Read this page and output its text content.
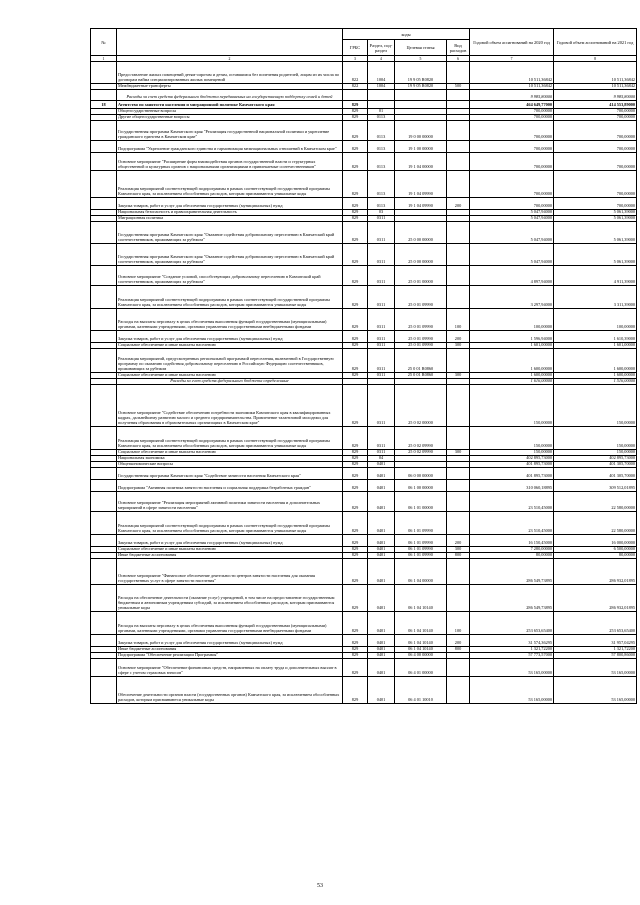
№		коды				Годовой объем ассигнований на 2020 год	Годовой объем ассигнований на 2021 год
		ГРБС	Раздел, под-раздел	Целевая статья	Вид расходов		
1	2	3	4	5	6	7	8
	Предоставление жилых помещений детям-сиротам и детям, оставшимся без попечения родителей, лицам из их числа по договорам найма специализированных жилых помещений	822	1004	19 9 05 R0820		10 511,36842	10 511,36842
	Межбюджетные трансферты	822	1004	19 9 05 R0820	500	10 511,36842	10 511,36842
	Расходы за счет средств федерального бюджета передаваемых на государственную поддержку семей и детей					9 985,80000	9 985,80000
18	Агентство по занятости населения и миграционной политике Камчатского края	829				464 649,77000	414 553,89000
	Общегосударственные вопросы	829	01			700,00000	700,00000
	Другие общегосударственные вопросы	829	0113			700,00000	700,00000
	Государственная программа Камчатского края "Реализация государственной национальной политики и укрепление гражданского единства в Камчатском крае"	829	0113	19 0 00 00000		700,00000	700,00000
	Подпрограмма "Укрепление гражданского единства и гармонизация межнациональных отношений в Камчатском крае"	829	0113	19 1 00 00000		700,00000	700,00000
	Основное мероприятие "Расширение форм взаимодействия органов государственной власти и структурных общественной и культурных органов с национальными организациями в привлекаемые соотечественников"	829	0113	19 1 04 00000		700,00000	700,00000
	Реализация мероприятий соответствующей подпрограммы в рамках соответствующей государственной программы Камчатского края, за исключением обособленных расходов, которым присваиваются уникальные коды	829	0113	19 1 04 09990		700,00000	700,00000
	Закупка товаров, работ и услуг для обеспечения государственных (муниципальных) нужд	829	0113	19 1 04 09990	200	700,00000	700,00000
	Национальная безопасность и правоохранительная деятельность	829	03			5 047,94000	5 061,39000
	Миграционная политика	829	0311			5 047,94000	5 061,39000
	Государственная программа Камчатского края "Оказание содействия добровольному переселению в Камчатский край соотечественников, проживающих за рубежом"	829	0311	25 0 00 00000		5 047,94000	5 061,39000
	Государственная программа Камчатского края "Оказание содействия добровольному переселению в Камчатский край соотечественников, проживающих за рубежом"	829	0311	25 0 00 00000		5 047,94000	5 061,39000
	Основное мероприятие "Создание условий, способствующих добровольному переселению в Камчатский край соотечественников, проживающих за рубежом"	829	0311	25 0 01 00000		4 897,94000	4 911,39000
	Реализация мероприятий соответствующей подпрограммы в рамках соответствующей государственной программы Камчатского края, за исключением обособленных расходов, которым присваиваются уникальные коды	829	0311	25 0 01 09990		3 297,94000	3 311,39000
	Расходы на выплаты персоналу в целях обеспечения выполнения функций государственными (муниципальными) органами, казенными учреждениями, органами управления государственными внебюджетными фондами	829	0311	25 0 01 09990	100	100,00000	100,00000
	Закупка товаров, работ и услуг для обеспечения государственных (муниципальных) нужд	829	0311	25 0 01 09990	200	1 596,94000	1 610,39000
	Социальное обеспечение и иные выплаты населению	829	0311	25 0 01 09990	300	1 601,00000	1 601,00000
	Реализация мероприятий, предусмотренных региональной программой переселения, включенной в Государственную программу по оказанию содействия добровольному переселению в Российскую Федерацию соотечественников, проживающих за рубежом	829	0311	25 0 01 R0860		1 600,00000	1 600,00000
	Социальное обеспечение и иные выплаты населению	829	0311	25 0 01 R0860	300	1 600,00000	1 600,00000
	Расходы за счет средств федерального бюджета определенные					1 616,00000	1 516,00000
	Основное мероприятие "Содействие обеспечению потребности экономики Камчатского края в квалифицированных кадрах, дальнейшему развитию малого и среднего предпринимательства. Привлечение талантливой молодежи для получения образования в образовательных организациях в Камчатском крае"	829	0311	25 0 02 00000		150,00000	150,00000
	Реализация мероприятий соответствующей подпрограммы в рамках соответствующей государственной программы Камчатского края, за исключением обособленных расходов, которым присваиваются уникальные коды	829	0311	25 0 02 09990		150,00000	150,00000
	Социальное обеспечение и иные выплаты населению	829	0311	25 0 02 09990	300	150,00000	150,00000
	Национальная экономика	829	04			402 895,73000	402 895,73000
	Общеэкономические вопросы	829	0401			401 895,73000	401 305,70000
	Государственная программа Камчатского края "Содействие занятости населения Камчатского края"	829	0401	06 0 00 00000		401 895,73000	401 305,70000
	Подпрограмма "Активная политика занятости населения и социальная поддержка безработных граждан"	829	0401	06 1 00 00000		310 060,18895	309 512,01895
	Основное мероприятие "Реализация мероприятий активной политики занятости населения и дополнительных мероприятий в сфере занятости населения"	829	0401	06 1 01 00000		23 510,45000	22 580,00000
	Реализация мероприятий соответствующей подпрограммы в рамках соответствующей государственной программы Камчатского края, за исключением обособленных расходов, которым присваиваются уникальные коды	829	0401	06 1 01 09990		23 510,45000	22 580,00000
	Закупка товаров, работ и услуг для обеспечения государственных (муниципальных) нужд	829	0401	06 1 01 09990	200	16 150,45000	16 000,00000
	Социальное обеспечение и иные выплаты населению	829	0401	06 1 01 09990	300	7 280,00000	6 500,00000
	Иные бюджетные ассигнования	829	0401	06 1 01 09990	800	80,00000	80,00000
	Основное мероприятие "Финансовое обеспечение деятельности центров занятости населения для оказания государственных услуг в сфере занятости населения"	829	0401	06 1 04 00000		286 549,73895	286 932,01895
	Расходы на обеспечение деятельности (оказание услуг) учреждений, в том числе на предоставление государственным бюджетным и автономным учреждениям субсидий, за исключением обособленных расходов, которым присваиваются уникальные коды	829	0401	06 1 04 10140		286 549,73895	286 932,01895
	Расходы на выплаты персоналу в целях обеспечения выполнения функций государственными (муниципальными) органами, казенными учреждениями, органами управления государственными внебюджетными фондами	829	0401	06 1 04 10140	100	253 653,65400	253 653,65400
	Закупка товаров, работ и услуг для обеспечения государственных (муниципальных) нужд	829	0401	06 1 04 10140	200	31 574,36295	31 957,04295
	Иные бюджетные ассигнования	829	0401	06 1 04 10140	800	1 321,72200	1 321,72200
	Подпрограмма "Обеспечение реализации Программы"	829	0401	06 4 00 00000		57 773,57000	57 800,86000
	Основное мероприятие "Обеспечение финансовых средств, направленных на оплату труда и дополнительных выплат в сфере с учетом страховых взносов"	829	0401	06 4 01 00000		53 165,00000	53 165,00000
	Обеспечение деятельности органов власти (государственных органов) Камчатского края, за исключением обособленных расходов, которым присваиваются уникальные коды	829	0401	06 4 01 10010		53 165,00000	53 165,00000
53
